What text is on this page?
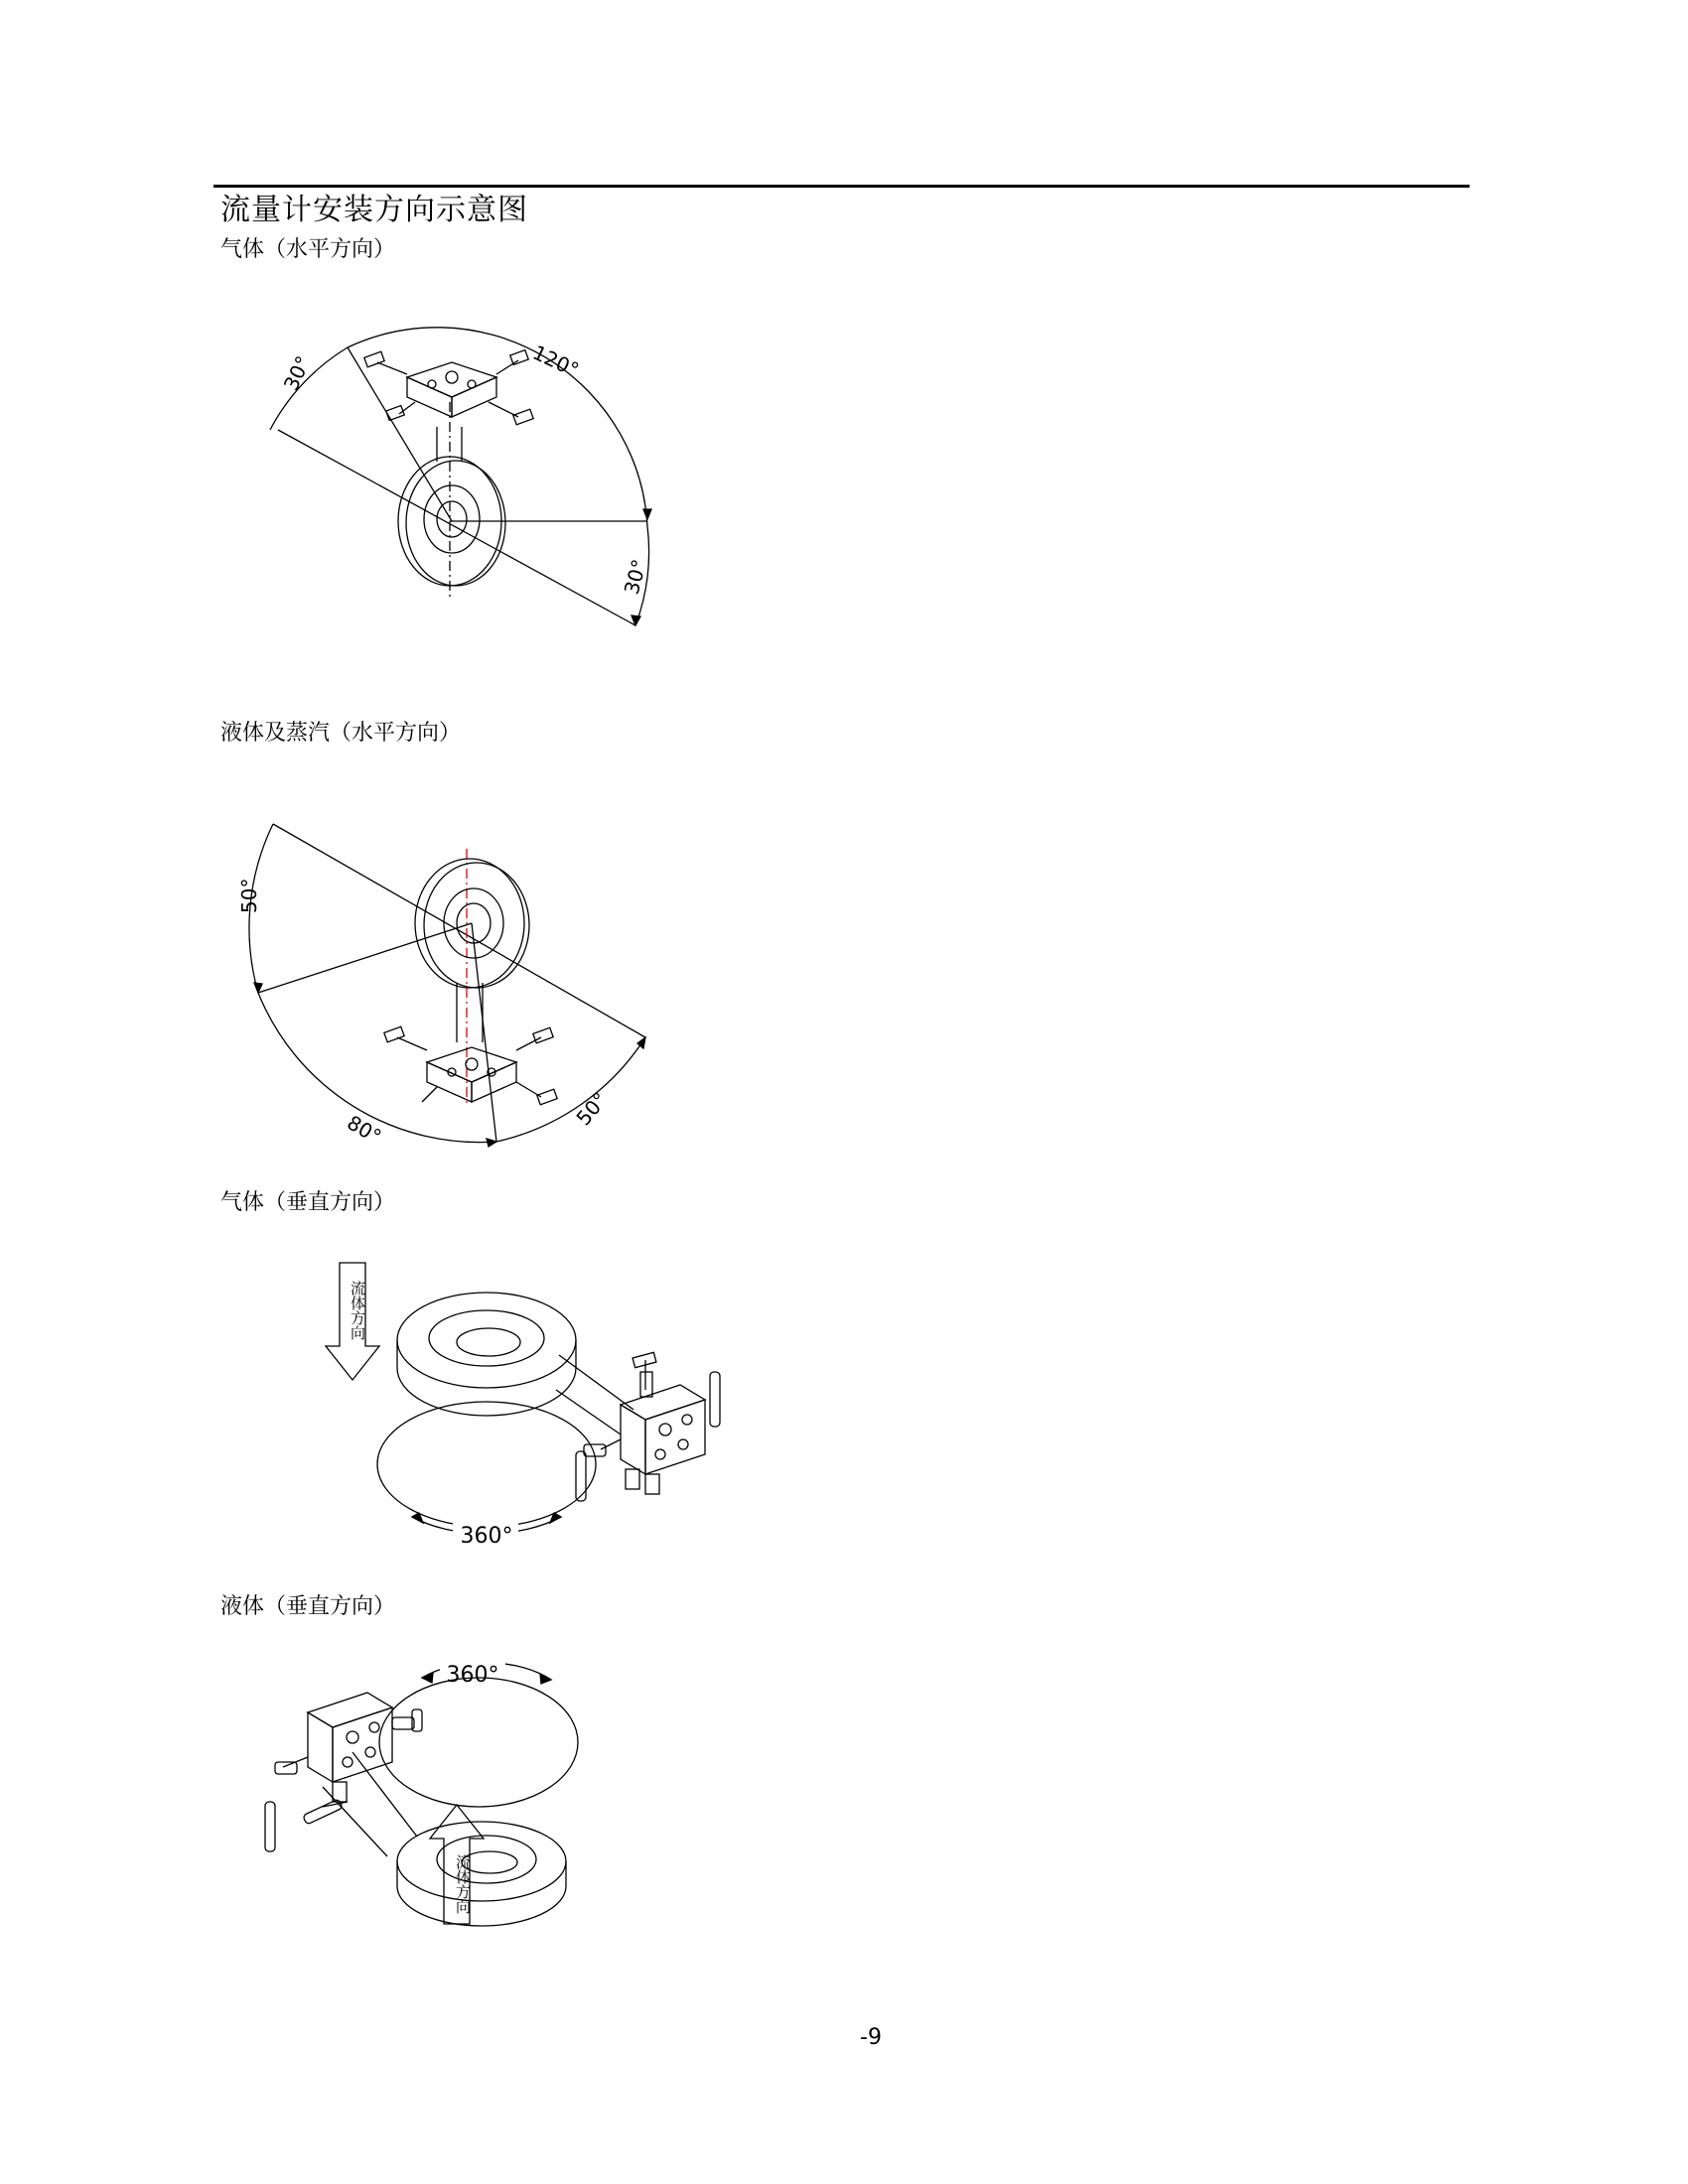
流量计安装方向示意图
气体（水平方向）
30°	120°
30°
液体及蒸汽（水平方向）
50°
80°	50°
气体（垂直方向）
流体方向
360°
液体（垂直方向）
360°
流体方向
-9
